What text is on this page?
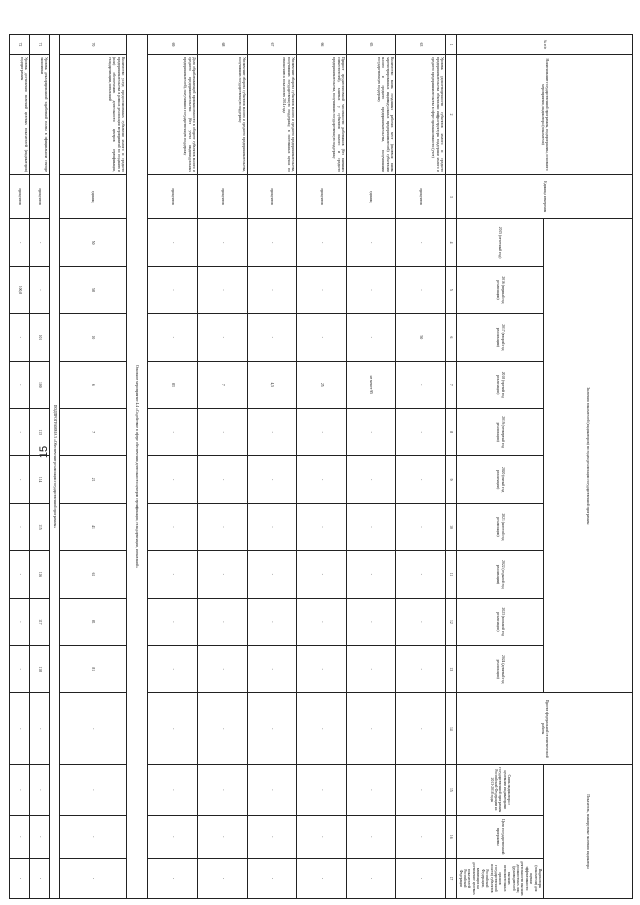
15
№ п/п	Наименование государственной программы, подпрограммы, основного мероприятия, индикатора (показателя)	Единица измерения	Значения показателей (индикаторов) по годам реализации государственной программы										Проект федеральной статистической работы	Показатель, планируемые значения индикатора		
			2015 (отчетный год)	2016 (первый год реализации)	2017 (второй год реализации)	2018 (третий год реализации)	2019 (четвертый год реализации)	2020 (пятый год реализации)	2021 (шестой год реализации)	2022 (седьмой год реализации)	2023 (восьмой год реализации)	2024 (девятый год реализации)		Связь индикатора с целевыми индикаторами государственной программы Российской Федерации на 2013-2018 годы	Цели государственной программы	Индикаторы (показатели) для оценки эффективности деятельности высших должностных лиц (руководителей высших исполнительных органов государственной власти) субъектов Российской Федерации, влияющих на достижение целевых показателей Российской Федерации
1	2	3	4	5	6	7	8	9	10	11	12	13	14	15	16	17
63	Уровень удовлетворенности субъектов малого и среднего предпринимательства объектами инфраструктуры поддержки малого и среднего предпринимательства в сфере промышленности (учет)	процентов	-	-	50	-	-	-	-	-	-	-	-	-	-	-
65	Количество вновь созданных рабочих мест (включая вновь зарегистрированных индивидуальных предпринимателей) субъектами малого и среднего предпринимательства, получившими государственную поддержку	единиц	-	-	-	не менее 95	-	-	-	-	-	-	-	-	-	-
66	Прирост среднесписочной численности работников (без внешних совместителей), занятых у субъектов малого и среднего предпринимательства, получивших государственную поддержку	процентов	-	-	-	25	-	-	-	-	-	-	-	-	-	-
67	Увеличение оборота субъектов малого и среднего предпринимательства, получивших государственную поддержку, в постоянных ценах по отношению к показателю 2014 года	процентов	-	-	-	4,5	-	-	-	-	-	-	-	-	-	-
68	Увеличение оборота субъектов малого и среднего предпринимательства, получивших государственную поддержку	процентов	-	-	-	7	-	-	-	-	-	-	-	-	-	-
69	Доля обрабатывающей промышленности в обороте субъектов малого и среднего предпринимательства (без учета индивидуальных предпринимателей), получивших государственную поддержку	процентов	-	-	-	83	-	-	-	-	-	-	-	-	-	-
Основное мероприятие 4.4 «Содействие в сфере обеспечения деятельности центров сертификации, стандартизации, испытаний»																
70	Количество услуг, предоставленных субъектам малого и среднего предпринимательства в рамках реализации мероприятий по созданию и (или) обеспечению деятельности центров сертификации, стандартизации, испытаний	единиц	50	58	10	6	7	21	41	61	81	81	-	-	-	-
ПОДПРОГРАММА 5 «Обеспечение реализации государственной программы»																
71	Уровень декларированной заработной платы в официальном секторе экономики	процентов	-	-	101	100	113	114	115	116	117	118	-	-	-	-
72	Уровень достижения значений целевых показателей (индикаторов) подпрограммы	процентов	-	100,8	-	-	-	-	-	-	-	-	-	-	-	-
